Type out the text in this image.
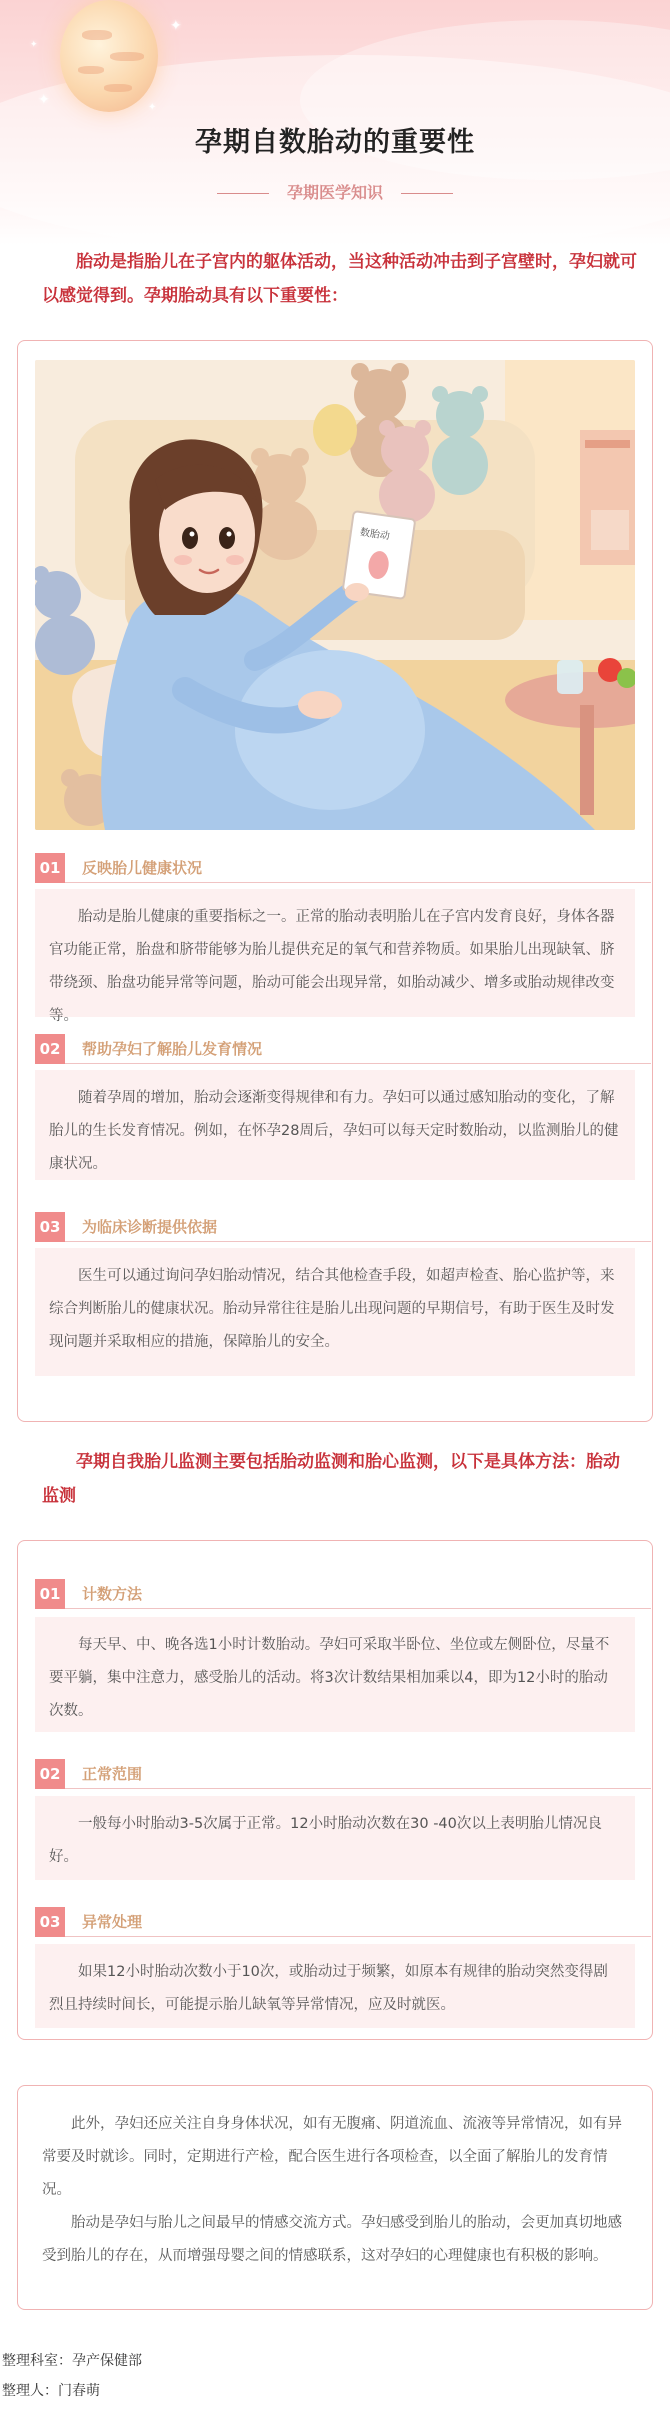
✦
✦
✦
✦
孕期自数胎动的重要性
孕期医学知识

胎动是指胎儿在子宫内的躯体活动，当这种活动冲击到子宫壁时，孕妇就可以感觉得到。孕期胎动具有以下重要性：

数胎动
01	反映胎儿健康状况

胎动是胎儿健康的重要指标之一。正常的胎动表明胎儿在子宫内发育良好，身体各器官功能正常，胎盘和脐带能够为胎儿提供充足的氧气和营养物质。如果胎儿出现缺氧、脐带绕颈、胎盘功能异常等问题，胎动可能会出现异常，如胎动减少、增多或胎动规律改变等。

02	帮助孕妇了解胎儿发育情况

随着孕周的增加，胎动会逐渐变得规律和有力。孕妇可以通过感知胎动的变化，了解胎儿的生长发育情况。例如，在怀孕28周后，孕妇可以每天定时数胎动，以监测胎儿的健康状况。

03	为临床诊断提供依据

医生可以通过询问孕妇胎动情况，结合其他检查手段，如超声检查、胎心监护等，来综合判断胎儿的健康状况。胎动异常往往是胎儿出现问题的早期信号，有助于医生及时发现问题并采取相应的措施，保障胎儿的安全。

孕期自我胎儿监测主要包括胎动监测和胎心监测，以下是具体方法：胎动监测

01	计数方法

每天早、中、晚各选1小时计数胎动。孕妇可采取半卧位、坐位或左侧卧位，尽量不要平躺，集中注意力，感受胎儿的活动。将3次计数结果相加乘以4，即为12小时的胎动次数。

02	正常范围

一般每小时胎动3-5次属于正常。12小时胎动次数在30 -40次以上表明胎儿情况良好。

03	异常处理

如果12小时胎动次数小于10次，或胎动过于频繁，如原本有规律的胎动突然变得剧烈且持续时间长，可能提示胎儿缺氧等异常情况，应及时就医。

此外，孕妇还应关注自身身体状况，如有无腹痛、阴道流血、流液等异常情况，如有异常要及时就诊。同时，定期进行产检，配合医生进行各项检查，以全面了解胎儿的发育情况。

胎动是孕妇与胎儿之间最早的情感交流方式。孕妇感受到胎儿的胎动，会更加真切地感受到胎儿的存在，从而增强母婴之间的情感联系，这对孕妇的心理健康也有积极的影响。

整理科室：孕产保健部
整理人：门春萌
